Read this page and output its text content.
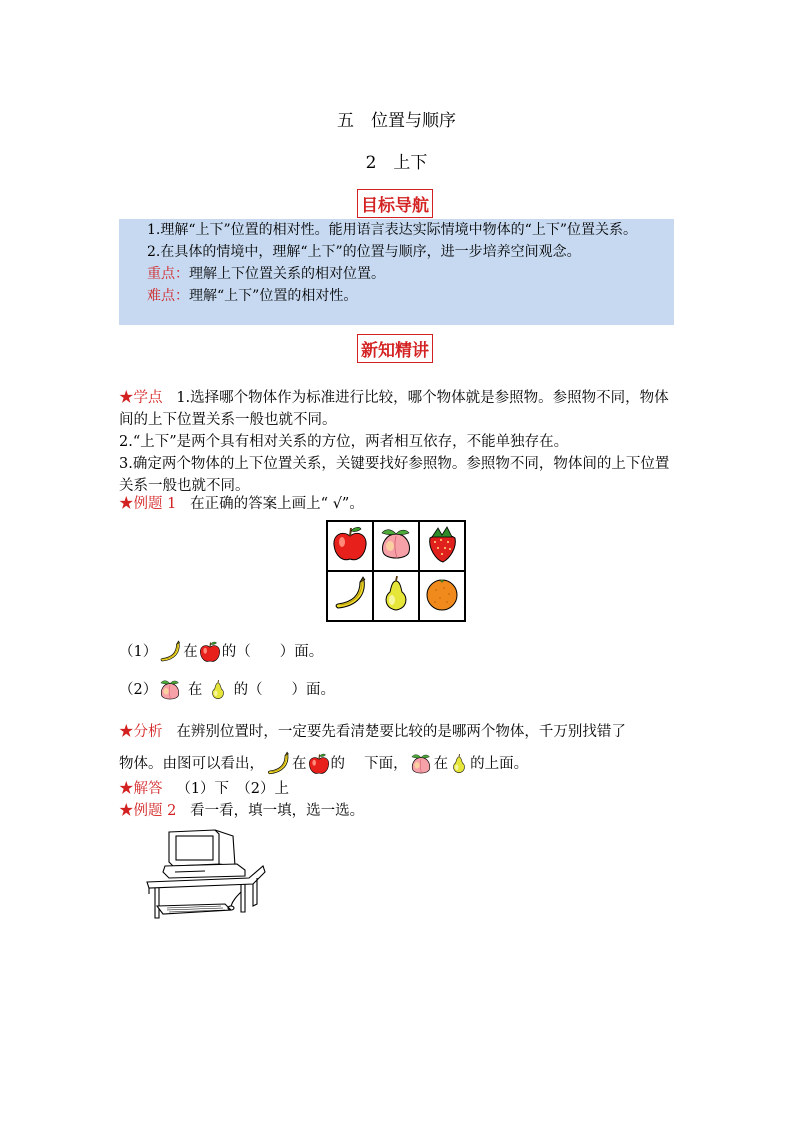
五　位置与顺序
2　上下
目标导航

1.理解“上下”位置的相对性。能用语言表达实际情境中物体的“上下”位置关系。

2.在具体的情境中，理解“上下”的位置与顺序，进一步培养空间观念。

重点：理解上下位置关系的相对位置。

难点：理解“上下”位置的相对性。

新知精讲
★学点 1.选择哪个物体作为标准进行比较，哪个物体就是参照物。参照物不同，物体间的上下位置关系一般也就不同。
2.“上下”是两个具有相对关系的方位，两者相互依存，不能单独存在。
3.确定两个物体的上下位置关系，关键要找好参照物。参照物不同，物体间的上下位置关系一般也就不同。
★例题 1 在正确的答案上画上“ √”。

（1） 在 的（　　）面。
（2） 在 的（　　）面。
★分析 在辨别位置时，一定要先看清楚要比较的是哪两个物体，千万别找错了
物体。由图可以看出， 在 的　 下面， 在 的上面。
★解答 （1）下　（2）上
★例题 2 看一看，填一填，选一选。
